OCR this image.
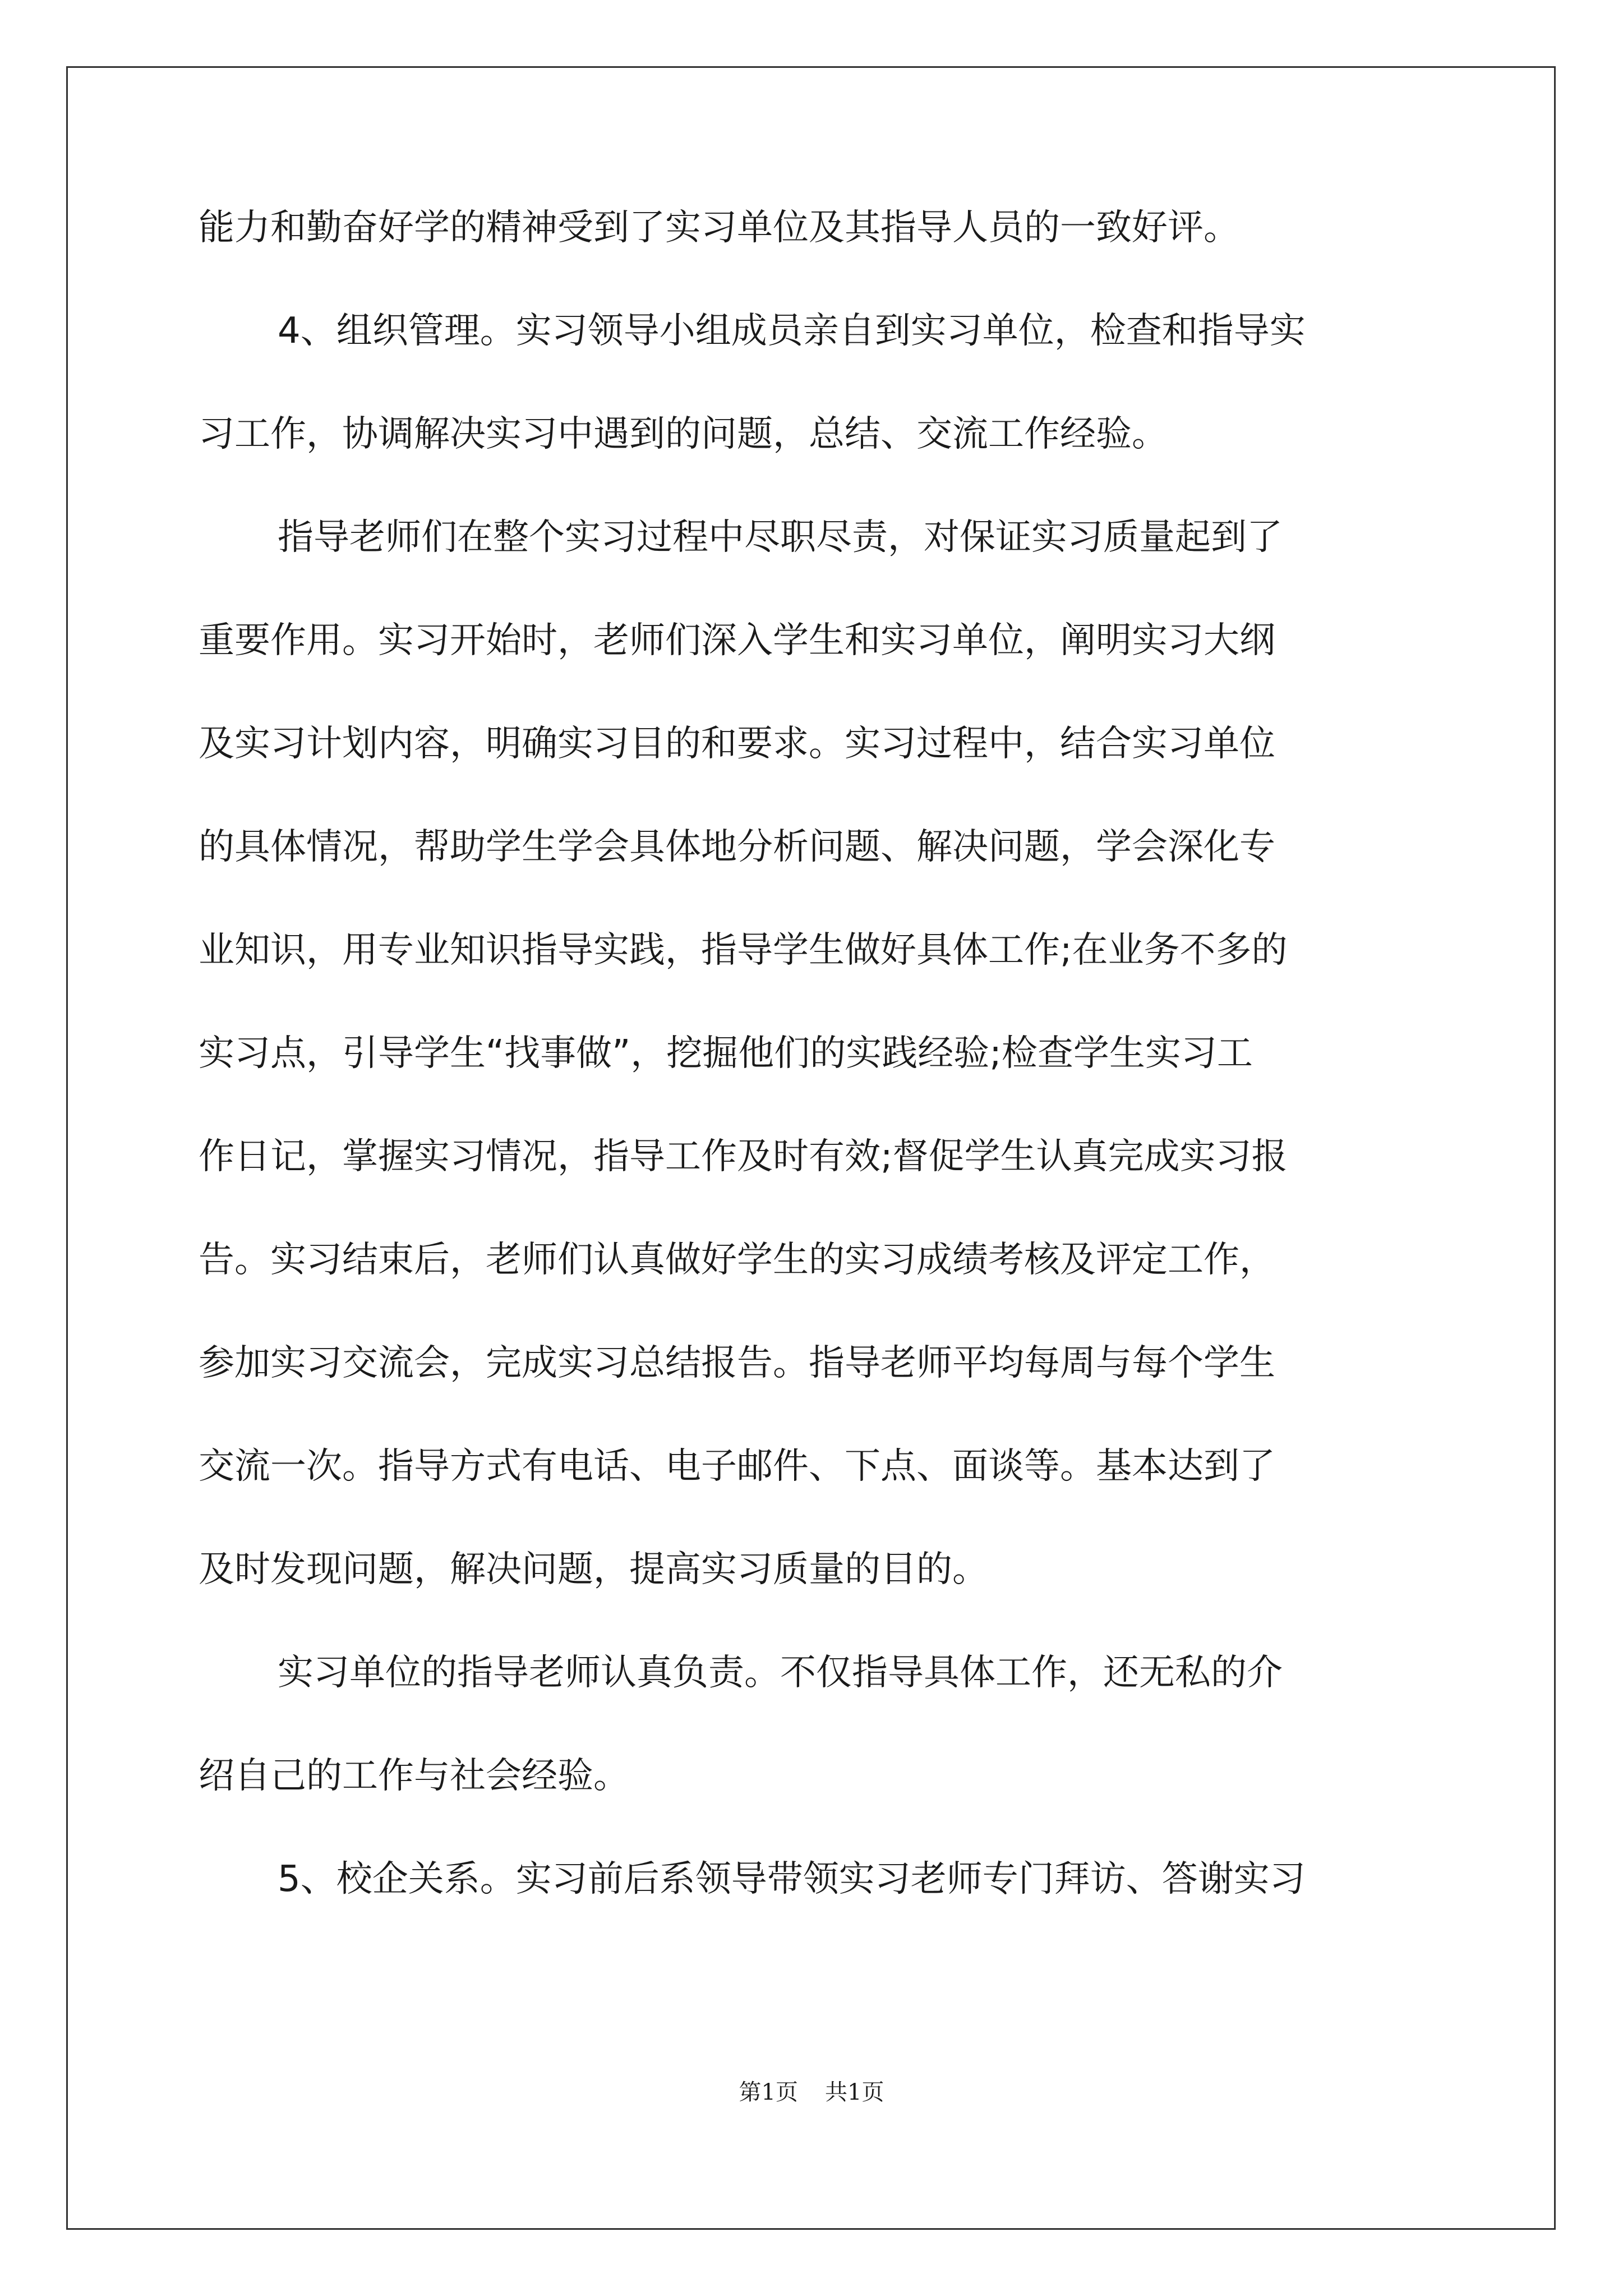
能力和勤奋好学的精神受到了实习单位及其指导人员的一致好评。
4、组织管理。实习领导小组成员亲自到实习单位，检查和指导实
习工作，协调解决实习中遇到的问题，总结、交流工作经验。
指导老师们在整个实习过程中尽职尽责，对保证实习质量起到了
重要作用。实习开始时，老师们深入学生和实习单位，阐明实习大纲
及实习计划内容，明确实习目的和要求。实习过程中，结合实习单位
的具体情况，帮助学生学会具体地分析问题、解决问题，学会深化专
业知识，用专业知识指导实践，指导学生做好具体工作;在业务不多的
实习点，引导学生“找事做”，挖掘他们的实践经验;检查学生实习工
作日记，掌握实习情况，指导工作及时有效;督促学生认真完成实习报
告。实习结束后，老师们认真做好学生的实习成绩考核及评定工作，
参加实习交流会，完成实习总结报告。指导老师平均每周与每个学生
交流一次。指导方式有电话、电子邮件、下点、面谈等。基本达到了
及时发现问题，解决问题，提高实习质量的目的。
实习单位的指导老师认真负责。不仅指导具体工作，还无私的介
绍自己的工作与社会经验。
5、校企关系。实习前后系领导带领实习老师专门拜访、答谢实习
第1页 共1页
